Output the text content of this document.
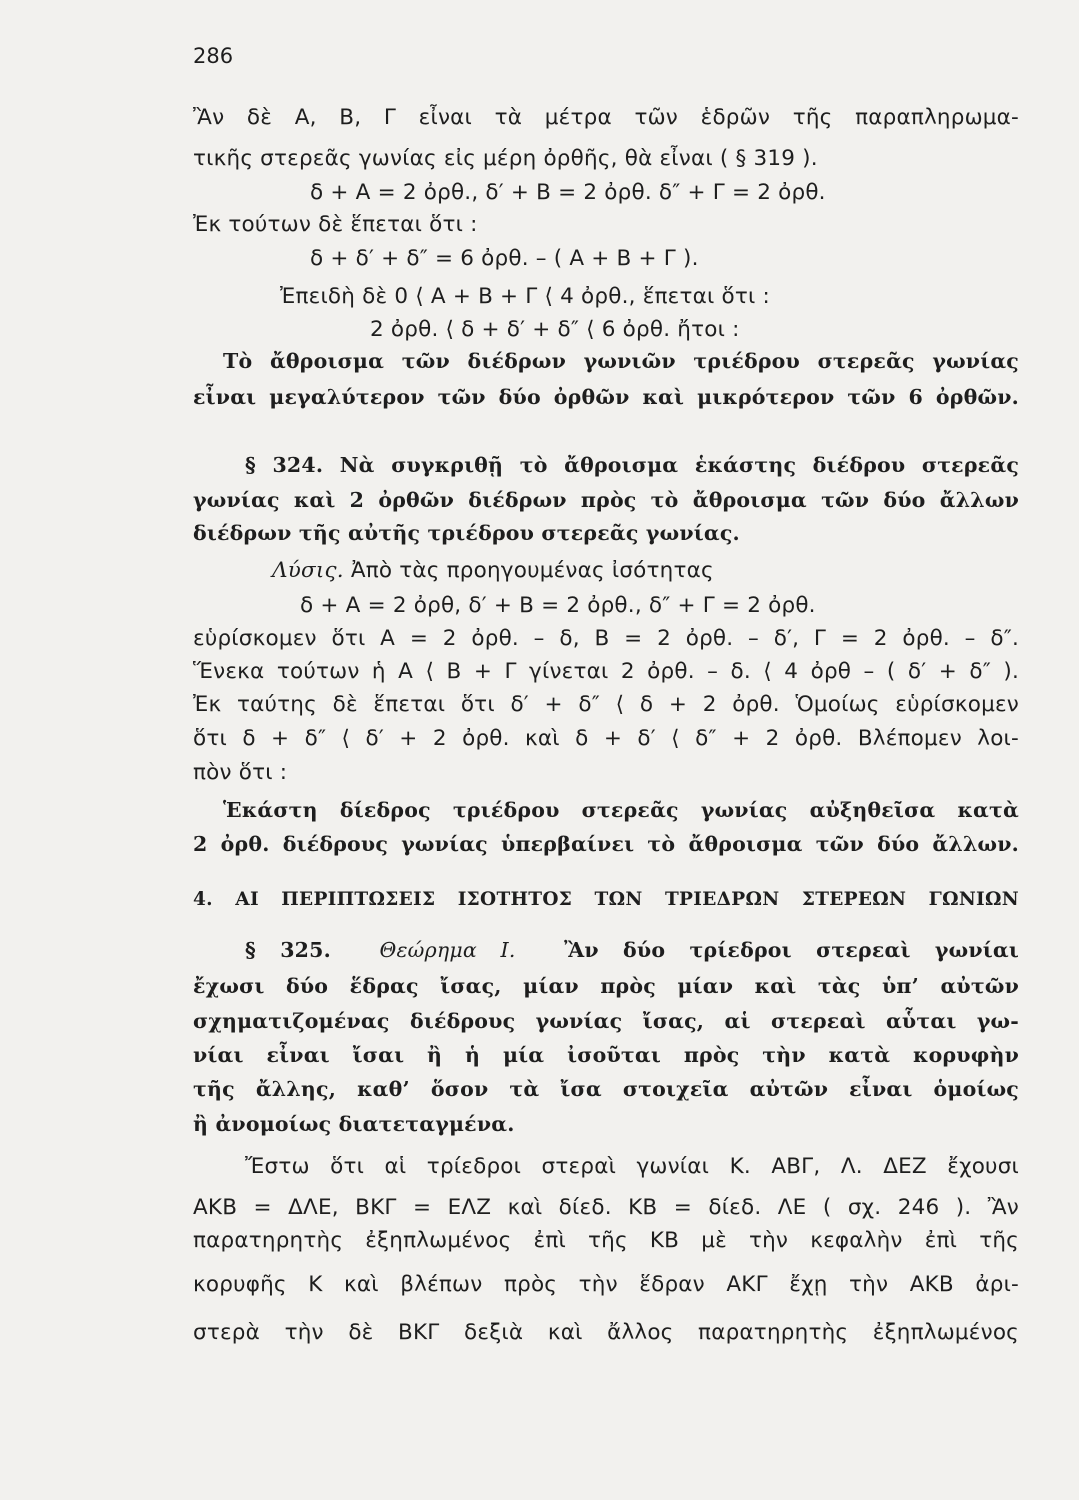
286
Ἂν δὲ Α, Β, Γ εἶναι τὰ μέτρα τῶν ἑδρῶν τῆς παραπληρωμα-
τικῆς στερεᾶς γωνίας εἰς μέρη ὀρθῆς, θὰ εἶναι ( § 319 ).
δ + Α = 2 ὀρθ., δ′ + Β = 2 ὀρθ. δ″ + Γ = 2 ὀρθ.
Ἐκ τούτων δὲ ἕπεται ὅτι :
δ + δ′ + δ″ = 6 ὀρθ. – ( Α + Β + Γ ).
Ἐπειδὴ δὲ 0 ⟨ Α + Β + Γ ⟨ 4 ὀρθ., ἕπεται ὅτι :
2 ὀρθ. ⟨ δ + δ′ + δ″ ⟨ 6 ὀρθ. ἤτοι :
Τὸ ἄθροισμα τῶν διέδρων γωνιῶν τριέδρου στερεᾶς γωνίας
εἶναι μεγαλύτερον τῶν δύο ὀρθῶν καὶ μικρότερον τῶν 6 ὀρθῶν.
§ 324. Νὰ συγκριθῇ τὸ ἄθροισμα ἑκάστης διέδρου στερεᾶς
γωνίας καὶ 2 ὀρθῶν διέδρων πρὸς τὸ ἄθροισμα τῶν δύο ἄλλων
διέδρων τῆς αὐτῆς τριέδρου στερεᾶς γωνίας.
Λύσις. Ἀπὸ τὰς προηγουμένας ἰσότητας
δ + Α = 2 ὀρθ, δ′ + Β = 2 ὀρθ., δ″ + Γ = 2 ὀρθ.
εὑρίσκομεν ὅτι Α = 2 ὀρθ. – δ, Β = 2 ὀρθ. – δ′, Γ = 2 ὀρθ. – δ″.
Ἕνεκα τούτων ἡ Α ⟨ Β + Γ γίνεται 2 ὀρθ. – δ. ⟨ 4 ὀρθ – ( δ′ + δ″ ).
Ἐκ ταύτης δὲ ἕπεται ὅτι δ′ + δ″ ⟨ δ + 2 ὀρθ. Ὁμοίως εὑρίσκομεν
ὅτι δ + δ″ ⟨ δ′ + 2 ὀρθ. καὶ δ + δ′ ⟨ δ″ + 2 ὀρθ. Βλέπομεν λοι-
πὸν ὅτι :
Ἑκάστη δίεδρος τριέδρου στερεᾶς γωνίας αὐξηθεῖσα κατὰ
2 ὀρθ. διέδρους γωνίας ὑπερβαίνει τὸ ἄθροισμα τῶν δύο ἄλλων.
4. ΑΙ ΠΕΡΙΠΤΩΣΕΙΣ ΙΣΟΤΗΤΟΣ ΤΩΝ ΤΡΙΕΔΡΩΝ ΣΤΕΡΕΩΝ ΓΩΝΙΩΝ
§ 325. Θεώρημα Ι. Ἂν δύο τρίεδροι στερεαὶ γωνίαι
ἔχωσι δύο ἕδρας ἴσας, μίαν πρὸς μίαν καὶ τὰς ὑπ’ αὐτῶν
σχηματιζομένας διέδρους γωνίας ἴσας, αἱ στερεαὶ αὗται γω-
νίαι εἶναι ἴσαι ἢ ἡ μία ἰσοῦται πρὸς τὴν κατὰ κορυφὴν
τῆς ἄλλης, καθ’ ὅσον τὰ ἴσα στοιχεῖα αὐτῶν εἶναι ὁμοίως
ἢ ἀνομοίως διατεταγμένα.
Ἔστω ὅτι αἱ τρίεδροι στεραὶ γωνίαι Κ. ΑΒΓ, Λ. ΔΕΖ ἔχουσι
ΑΚΒ = ΔΛΕ, ΒΚΓ = ΕΛΖ καὶ δίεδ. ΚΒ = δίεδ. ΛΕ ( σχ. 246 ). Ἂν
παρατηρητὴς ἐξηπλωμένος ἐπὶ τῆς ΚΒ μὲ τὴν κεφαλὴν ἐπὶ τῆς
κορυφῆς Κ καὶ βλέπων πρὸς τὴν ἕδραν ΑΚΓ ἔχῃ τὴν ΑΚΒ ἀρι-
στερὰ τὴν δὲ ΒΚΓ δεξιὰ καὶ ἄλλος παρατηρητὴς ἐξηπλωμένος
